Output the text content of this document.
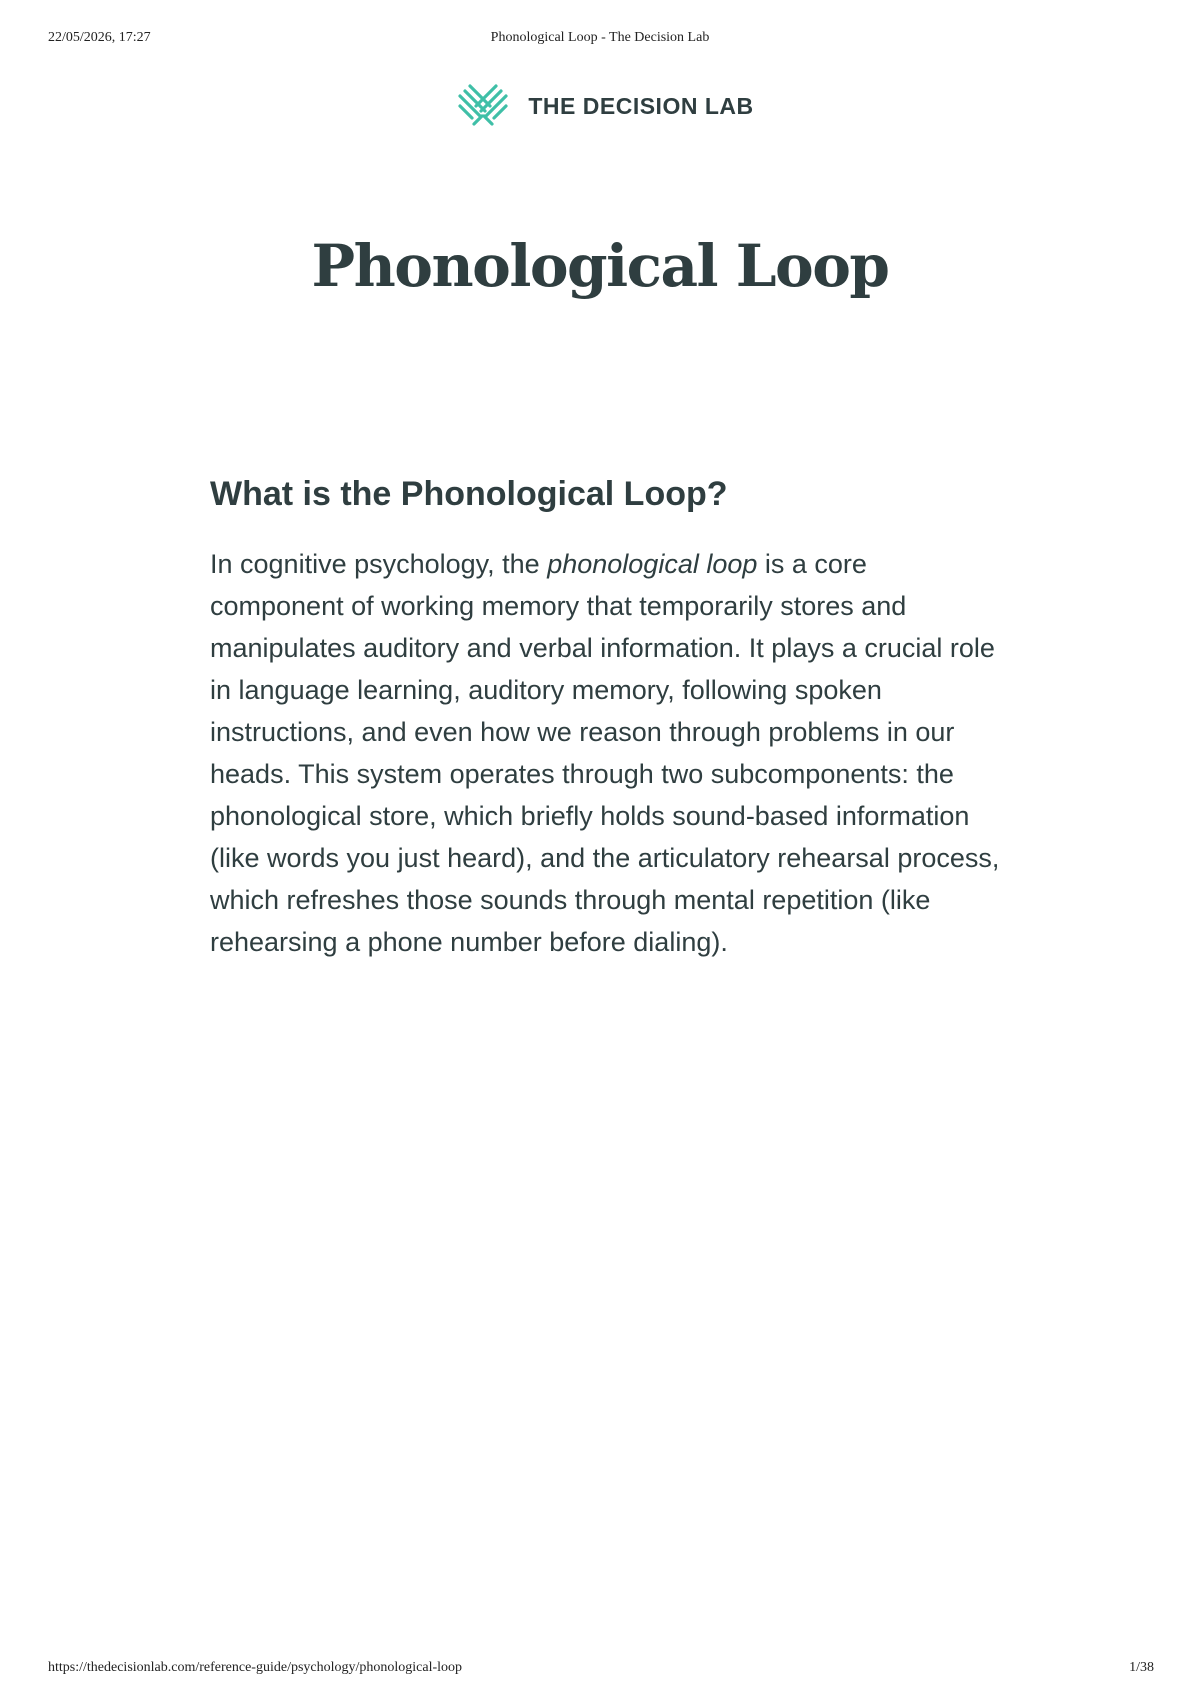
22/05/2026, 17:27	Phonological Loop - The Decision Lab
THE DECISION LAB
Phonological Loop
What is the Phonological Loop?

In cognitive psychology, the phonological loop is a core component of working memory that temporarily stores and manipulates auditory and verbal information. It plays a crucial role in language learning, auditory memory, following spoken instructions, and even how we reason through problems in our heads. This system operates through two subcomponents: the phonological store, which briefly holds sound-based information (like words you just heard), and the articulatory rehearsal process, which refreshes those sounds through mental repetition (like rehearsing a phone number before dialing).

https://thedecisionlab.com/reference-guide/psychology/phonological-loop	1/38
